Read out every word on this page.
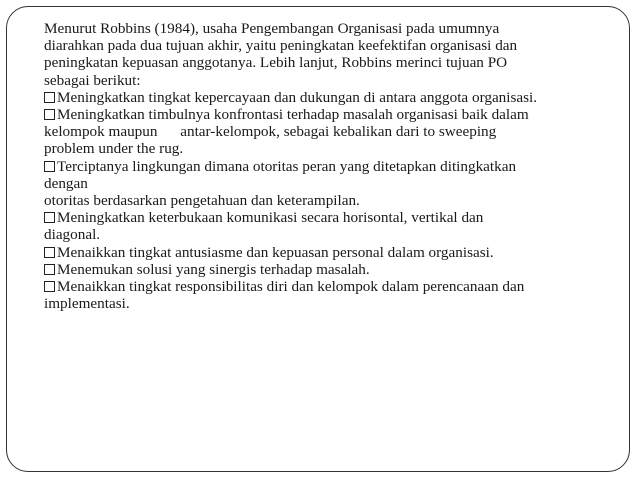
Menurut Robbins (1984), usaha Pengembangan Organisasi pada umumnya
diarahkan pada dua tujuan akhir, yaitu peningkatan keefektifan organisasi dan
peningkatan kepuasan anggotanya. Lebih lanjut, Robbins merinci tujuan PO
sebagai berikut:
Meningkatkan tingkat kepercayaan dan dukungan di antara anggota organisasi.
Meningkatkan timbulnya konfrontasi terhadap masalah organisasi baik dalam
kelompok maupun      antar-kelompok, sebagai kebalikan dari to sweeping
problem under the rug.
Terciptanya lingkungan dimana otoritas peran yang ditetapkan ditingkatkan
dengan
otoritas berdasarkan pengetahuan dan keterampilan.
Meningkatkan keterbukaan komunikasi secara horisontal, vertikal dan
diagonal.
Menaikkan tingkat antusiasme dan kepuasan personal dalam organisasi.
Menemukan solusi yang sinergis terhadap masalah.
Menaikkan tingkat responsibilitas diri dan kelompok dalam perencanaan dan
implementasi.
